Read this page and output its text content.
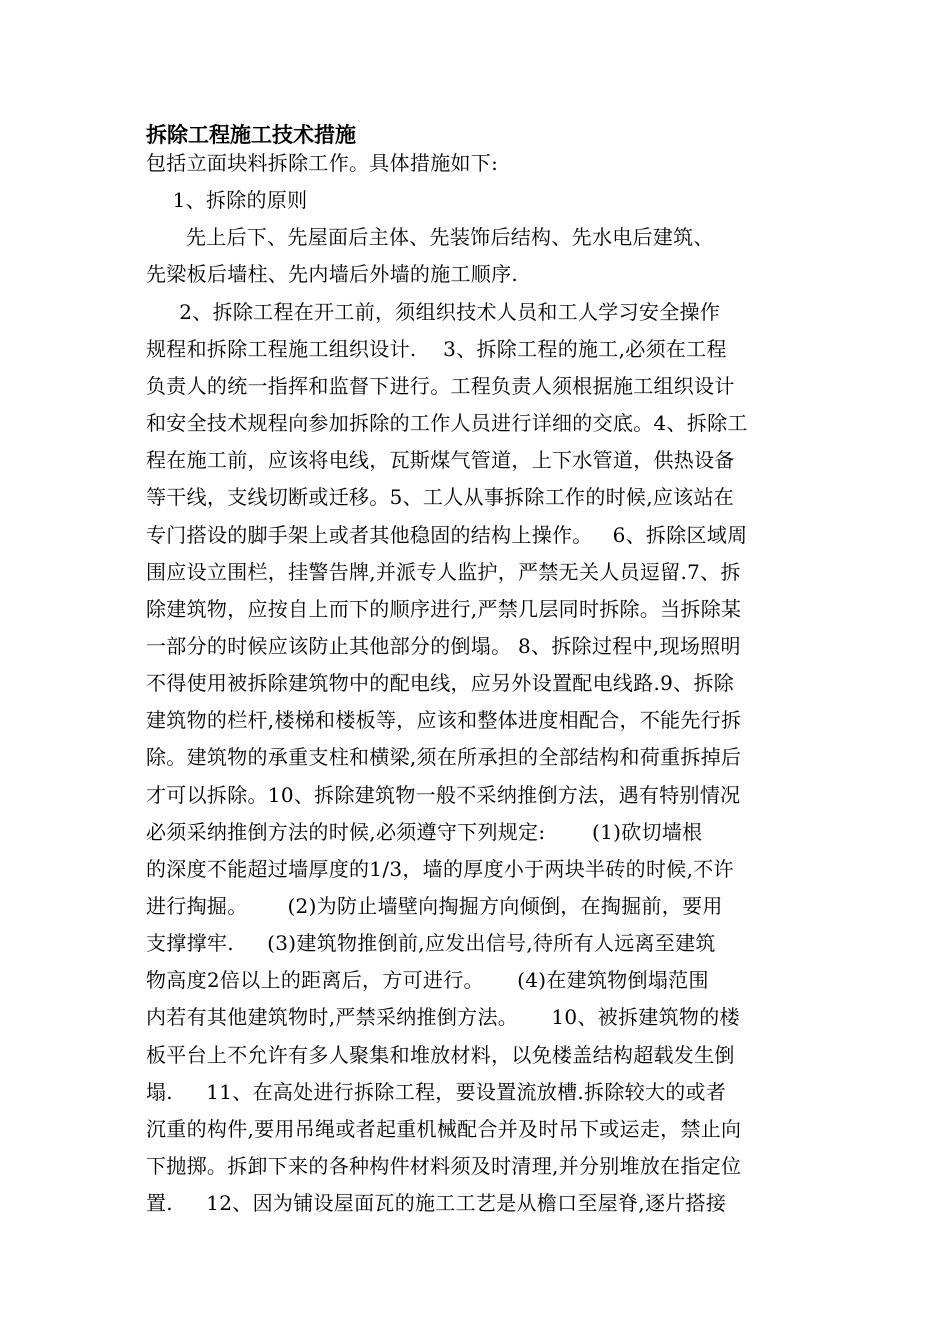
拆除工程施工技术措施
包括立面块料拆除工作。具体措施如下:
1、拆除的原则
先上后下、先屋面后主体、先装饰后结构、先水电后建筑、
先梁板后墙柱、先内墙后外墙的施工顺序.
2、拆除工程在开工前，须组织技术人员和工人学习安全操作
规程和拆除工程施工组织设计.    3、拆除工程的施工,必须在工程
负责人的统一指挥和监督下进行。工程负责人须根据施工组织设计
和安全技术规程向参加拆除的工作人员进行详细的交底。4、拆除工
程在施工前，应该将电线，瓦斯煤气管道，上下水管道，供热设备
等干线，支线切断或迁移。5、工人从事拆除工作的时候,应该站在
专门搭设的脚手架上或者其他稳固的结构上操作。   6、拆除区域周
围应设立围栏，挂警告牌,并派专人监护，严禁无关人员逗留.7、拆
除建筑物，应按自上而下的顺序进行,严禁几层同时拆除。当拆除某
一部分的时候应该防止其他部分的倒塌。 8、拆除过程中,现场照明
不得使用被拆除建筑物中的配电线，应另外设置配电线路.9、拆除
建筑物的栏杆,楼梯和楼板等，应该和整体进度相配合，不能先行拆
除。建筑物的承重支柱和横梁,须在所承担的全部结构和荷重拆掉后
才可以拆除。10、拆除建筑物一般不采纳推倒方法，遇有特别情况
必须采纳推倒方法的时候,必须遵守下列规定:       (1)砍切墙根
的深度不能超过墙厚度的1/3，墙的厚度小于两块半砖的时候,不许
进行掏掘。      (2)为防止墙壁向掏掘方向倾倒，在掏掘前，要用
支撑撑牢.     (3)建筑物推倒前,应发出信号,待所有人远离至建筑
物高度2倍以上的距离后，方可进行。     (4)在建筑物倒塌范围
内若有其他建筑物时,严禁采纳推倒方法。     10、被拆建筑物的楼
板平台上不允许有多人聚集和堆放材料，以免楼盖结构超载发生倒
塌.     11、在高处进行拆除工程，要设置流放槽.拆除较大的或者
沉重的构件,要用吊绳或者起重机械配合并及时吊下或运走，禁止向
下抛掷。拆卸下来的各种构件材料须及时清理,并分别堆放在指定位
置.     12、因为铺设屋面瓦的施工工艺是从檐口至屋脊,逐片搭接
